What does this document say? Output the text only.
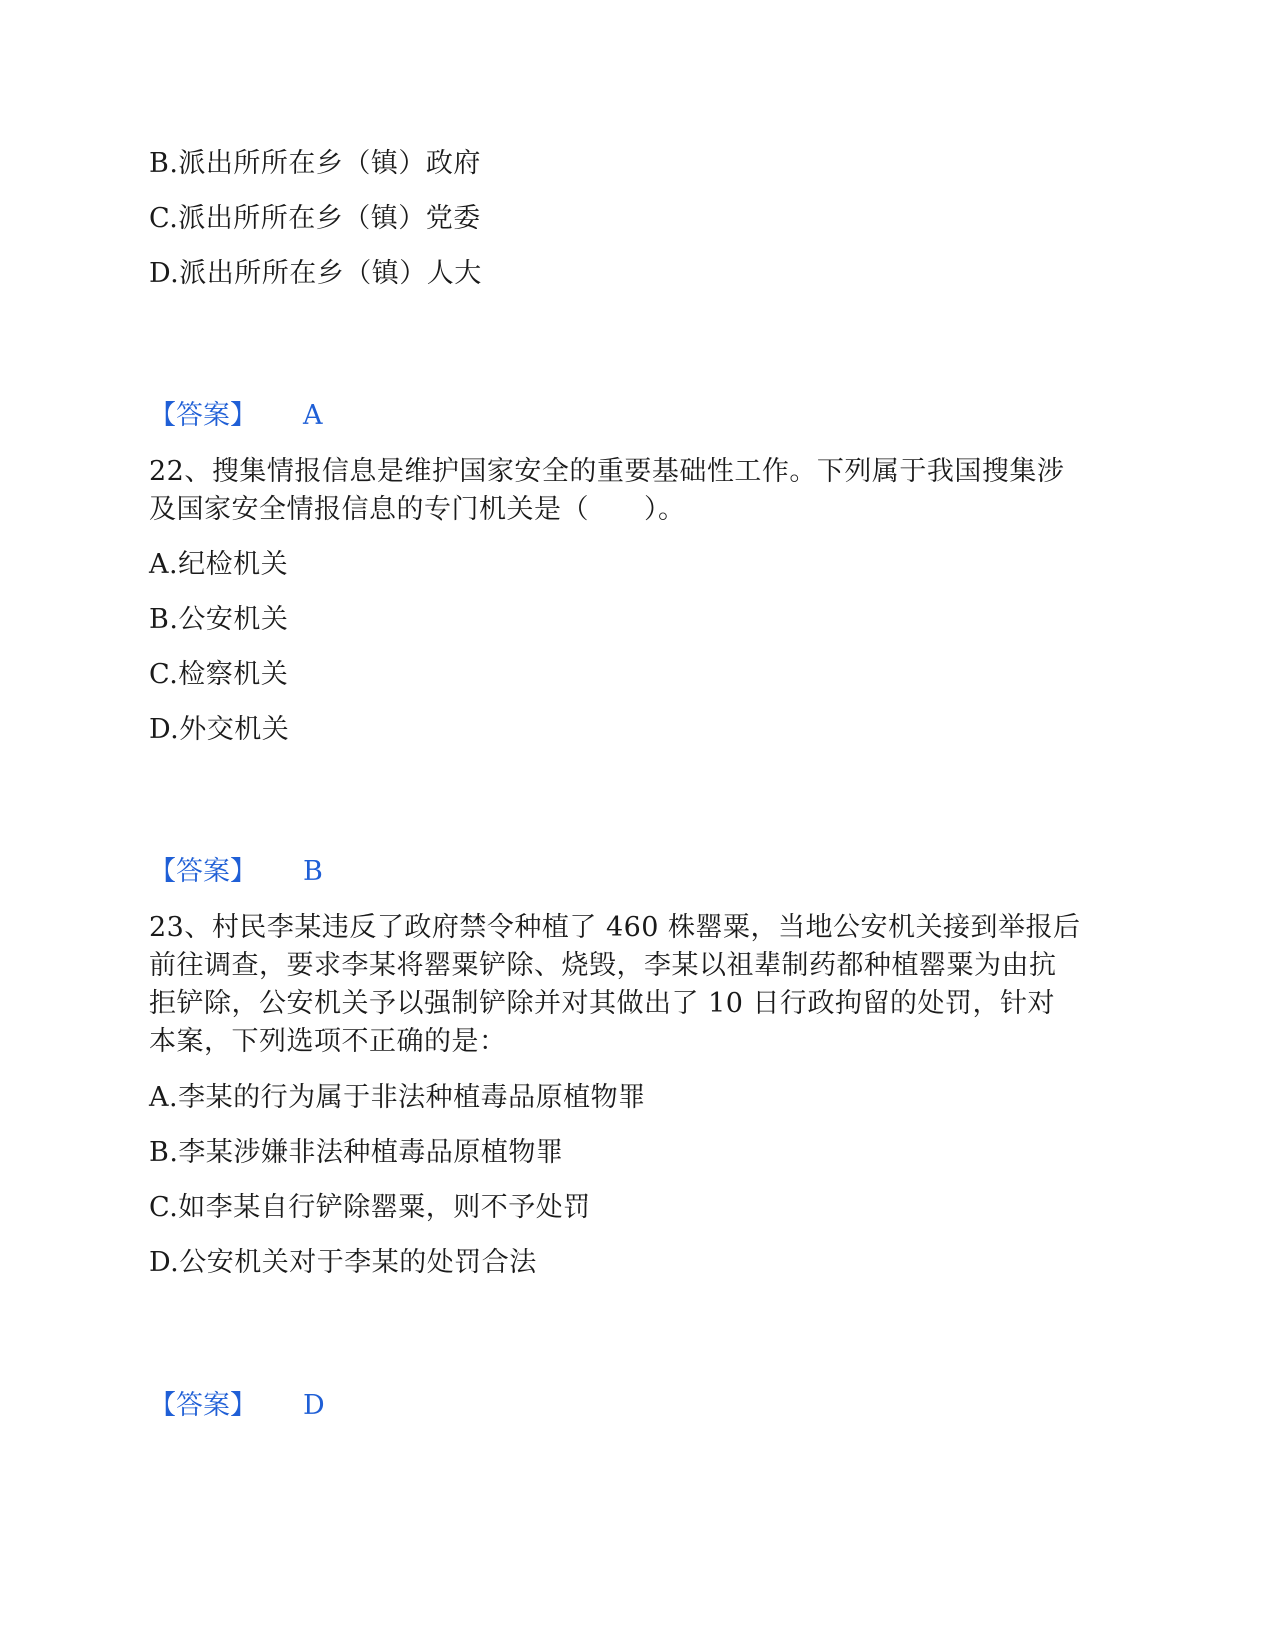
B.派出所所在乡（镇）政府
C.派出所所在乡（镇）党委
D.派出所所在乡（镇）人大
【答案】 A
22、搜集情报信息是维护国家安全的重要基础性工作。下列属于我国搜集涉
及国家安全情报信息的专门机关是（　　）。
A.纪检机关
B.公安机关
C.检察机关
D.外交机关
【答案】 B
23、村民李某违反了政府禁令种植了 460 株罂粟，当地公安机关接到举报后
前往调查，要求李某将罂粟铲除、烧毁，李某以祖辈制药都种植罂粟为由抗
拒铲除，公安机关予以强制铲除并对其做出了 10 日行政拘留的处罚，针对
本案，下列选项不正确的是：
A.李某的行为属于非法种植毒品原植物罪
B.李某涉嫌非法种植毒品原植物罪
C.如李某自行铲除罂粟，则不予处罚
D.公安机关对于李某的处罚合法
【答案】 D
